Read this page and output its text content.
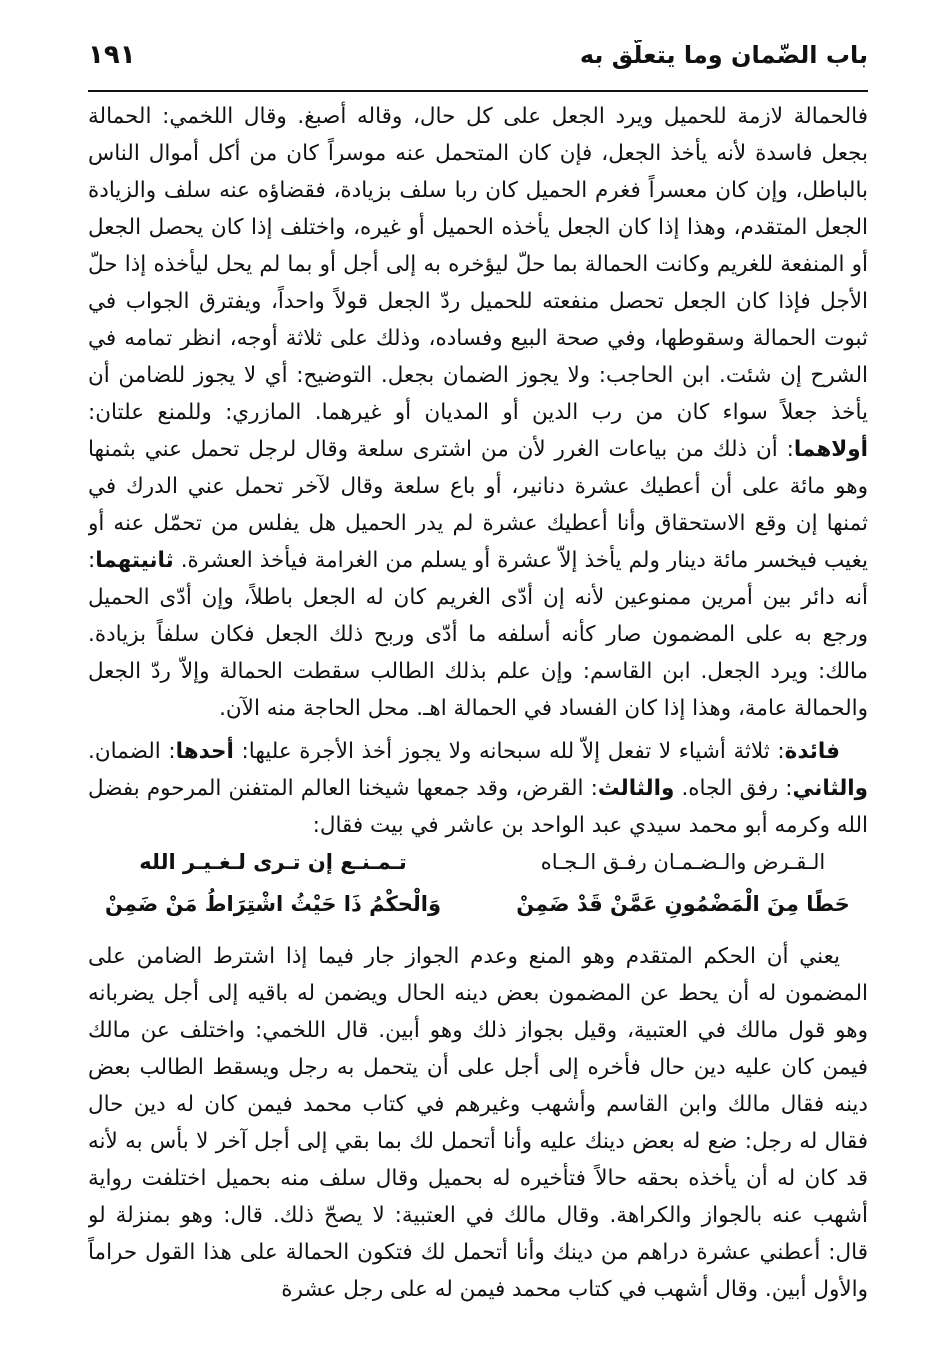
باب الضّمان وما يتعلّق به
١٩١

فالحمالة لازمة للحميل ويرد الجعل على كل حال، وقاله أصبغ. وقال اللخمي: الحمالة بجعل فاسدة لأنه يأخذ الجعل، فإن كان المتحمل عنه موسراً كان من أكل أموال الناس بالباطل، وإن كان معسراً فغرم الحميل كان ربا سلف بزيادة، فقضاؤه عنه سلف والزيادة الجعل المتقدم، وهذا إذا كان الجعل يأخذه الحميل أو غيره، واختلف إذا كان يحصل الجعل أو المنفعة للغريم وكانت الحمالة بما حلّ ليؤخره به إلى أجل أو بما لم يحل ليأخذه إذا حلّ الأجل فإذا كان الجعل تحصل منفعته للحميل ردّ الجعل قولاً واحداً، ويفترق الجواب في ثبوت الحمالة وسقوطها، وفي صحة البيع وفساده، وذلك على ثلاثة أوجه، انظر تمامه في الشرح إن شئت. ابن الحاجب: ولا يجوز الضمان بجعل. التوضيح: أي لا يجوز للضامن أن يأخذ جعلاً سواء كان من رب الدين أو المديان أو غيرهما. المازري: وللمنع علتان: أولاهما: أن ذلك من بياعات الغرر لأن من اشترى سلعة وقال لرجل تحمل عني بثمنها وهو مائة على أن أعطيك عشرة دنانير، أو باع سلعة وقال لآخر تحمل عني الدرك في ثمنها إن وقع الاستحقاق وأنا أعطيك عشرة لم يدر الحميل هل يفلس من تحمّل عنه أو يغيب فيخسر مائة دينار ولم يأخذ إلاّ عشرة أو يسلم من الغرامة فيأخذ العشرة. ثانيتهما: أنه دائر بين أمرين ممنوعين لأنه إن أدّى الغريم كان له الجعل باطلاً، وإن أدّى الحميل ورجع به على المضمون صار كأنه أسلفه ما أدّى وربح ذلك الجعل فكان سلفاً بزيادة. مالك: ويرد الجعل. ابن القاسم: وإن علم بذلك الطالب سقطت الحمالة وإلاّ ردّ الجعل والحمالة عامة، وهذا إذا كان الفساد في الحمالة اهـ. محل الحاجة منه الآن.

فائدة: ثلاثة أشياء لا تفعل إلاّ لله سبحانه ولا يجوز أخذ الأجرة عليها: أحدها: الضمان. والثاني: رفق الجاه. والثالث: القرض، وقد جمعها شيخنا العالم المتفنن المرحوم بفضل الله وكرمه أبو محمد سيدي عبد الواحد بن عاشر في بيت فقال:

الـقـرض والـضـمـان رفـق الـجـاه
تـمـنـع إن تـرى لـغـيـر الله
حَطًا مِنَ الْمَضْمُونِ عَمَّنْ قَدْ ضَمِنْ
وَالْحكْمُ ذَا حَيْثُ اشْتِرَاطُ مَنْ ضَمِنْ

يعني أن الحكم المتقدم وهو المنع وعدم الجواز جار فيما إذا اشترط الضامن على المضمون له أن يحط عن المضمون بعض دينه الحال ويضمن له باقيه إلى أجل يضربانه وهو قول مالك في العتبية، وقيل بجواز ذلك وهو أبين. قال اللخمي: واختلف عن مالك فيمن كان عليه دين حال فأخره إلى أجل على أن يتحمل به رجل ويسقط الطالب بعض دينه فقال مالك وابن القاسم وأشهب وغيرهم في كتاب محمد فيمن كان له دين حال فقال له رجل: ضع له بعض دينك عليه وأنا أتحمل لك بما بقي إلى أجل آخر لا بأس به لأنه قد كان له أن يأخذه بحقه حالاً فتأخيره له بحميل وقال سلف منه بحميل اختلفت رواية أشهب عنه بالجواز والكراهة. وقال مالك في العتبية: لا يصحّ ذلك. قال: وهو بمنزلة لو قال: أعطني عشرة دراهم من دينك وأنا أتحمل لك فتكون الحمالة على هذا القول حراماً والأول أبين. وقال أشهب في كتاب محمد فيمن له على رجل عشرة
